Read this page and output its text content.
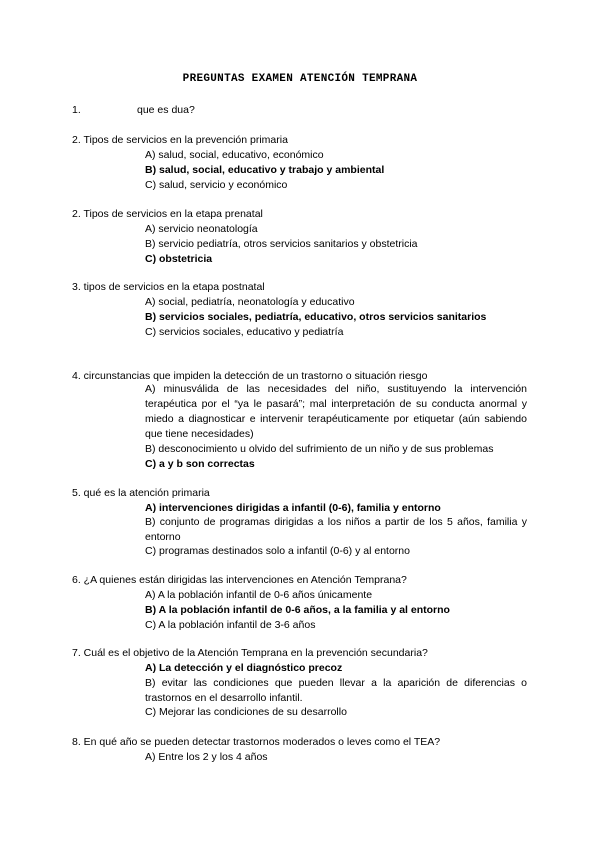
PREGUNTAS EXAMEN ATENCIÓN TEMPRANA
1.	que es dua?
2. Tipos de servicios en la prevención primaria
A) salud, social, educativo, económico
B) salud, social, educativo y trabajo y ambiental
C) salud, servicio y económico
2. Tipos de servicios en la etapa prenatal
A) servicio neonatología
B) servicio pediatría, otros servicios sanitarios y obstetricia
C) obstetricia
3. tipos de servicios en la etapa postnatal
A) social, pediatría, neonatología y educativo
B) servicios sociales, pediatría, educativo, otros servicios sanitarios
C) servicios sociales, educativo y pediatría
4. circunstancias que impiden la detección de un trastorno o situación riesgo
A) minusválida de las necesidades del niño, sustituyendo la intervención terapéutica por el “ya le pasará”; mal interpretación de su conducta anormal y miedo a diagnosticar e intervenir terapéuticamente por etiquetar (aún sabiendo que tiene necesidades)
B) desconocimiento u olvido del sufrimiento de un niño y de sus problemas
C) a y b son correctas
5. qué es la atención primaria
A) intervenciones dirigidas a infantil (0-6), familia y entorno
B) conjunto de programas dirigidas a los niños a partir de los 5 años, familia y entorno
C) programas destinados solo a infantil (0-6) y al entorno
6. ¿A quienes están dirigidas las intervenciones en Atención Temprana?
A) A la población infantil de 0-6 años únicamente
B) A la población infantil de 0-6 años, a la familia y al entorno
C) A la población infantil de 3-6 años
7. Cuál es el objetivo de la Atención Temprana en la prevención secundaria?
A) La detección y el diagnóstico precoz
B) evitar las condiciones que pueden llevar a la aparición de diferencias o trastornos en el desarrollo infantil.
C) Mejorar las condiciones de su desarrollo
8. En qué año se pueden detectar trastornos moderados o leves como el TEA?
A) Entre los 2 y los 4 años
